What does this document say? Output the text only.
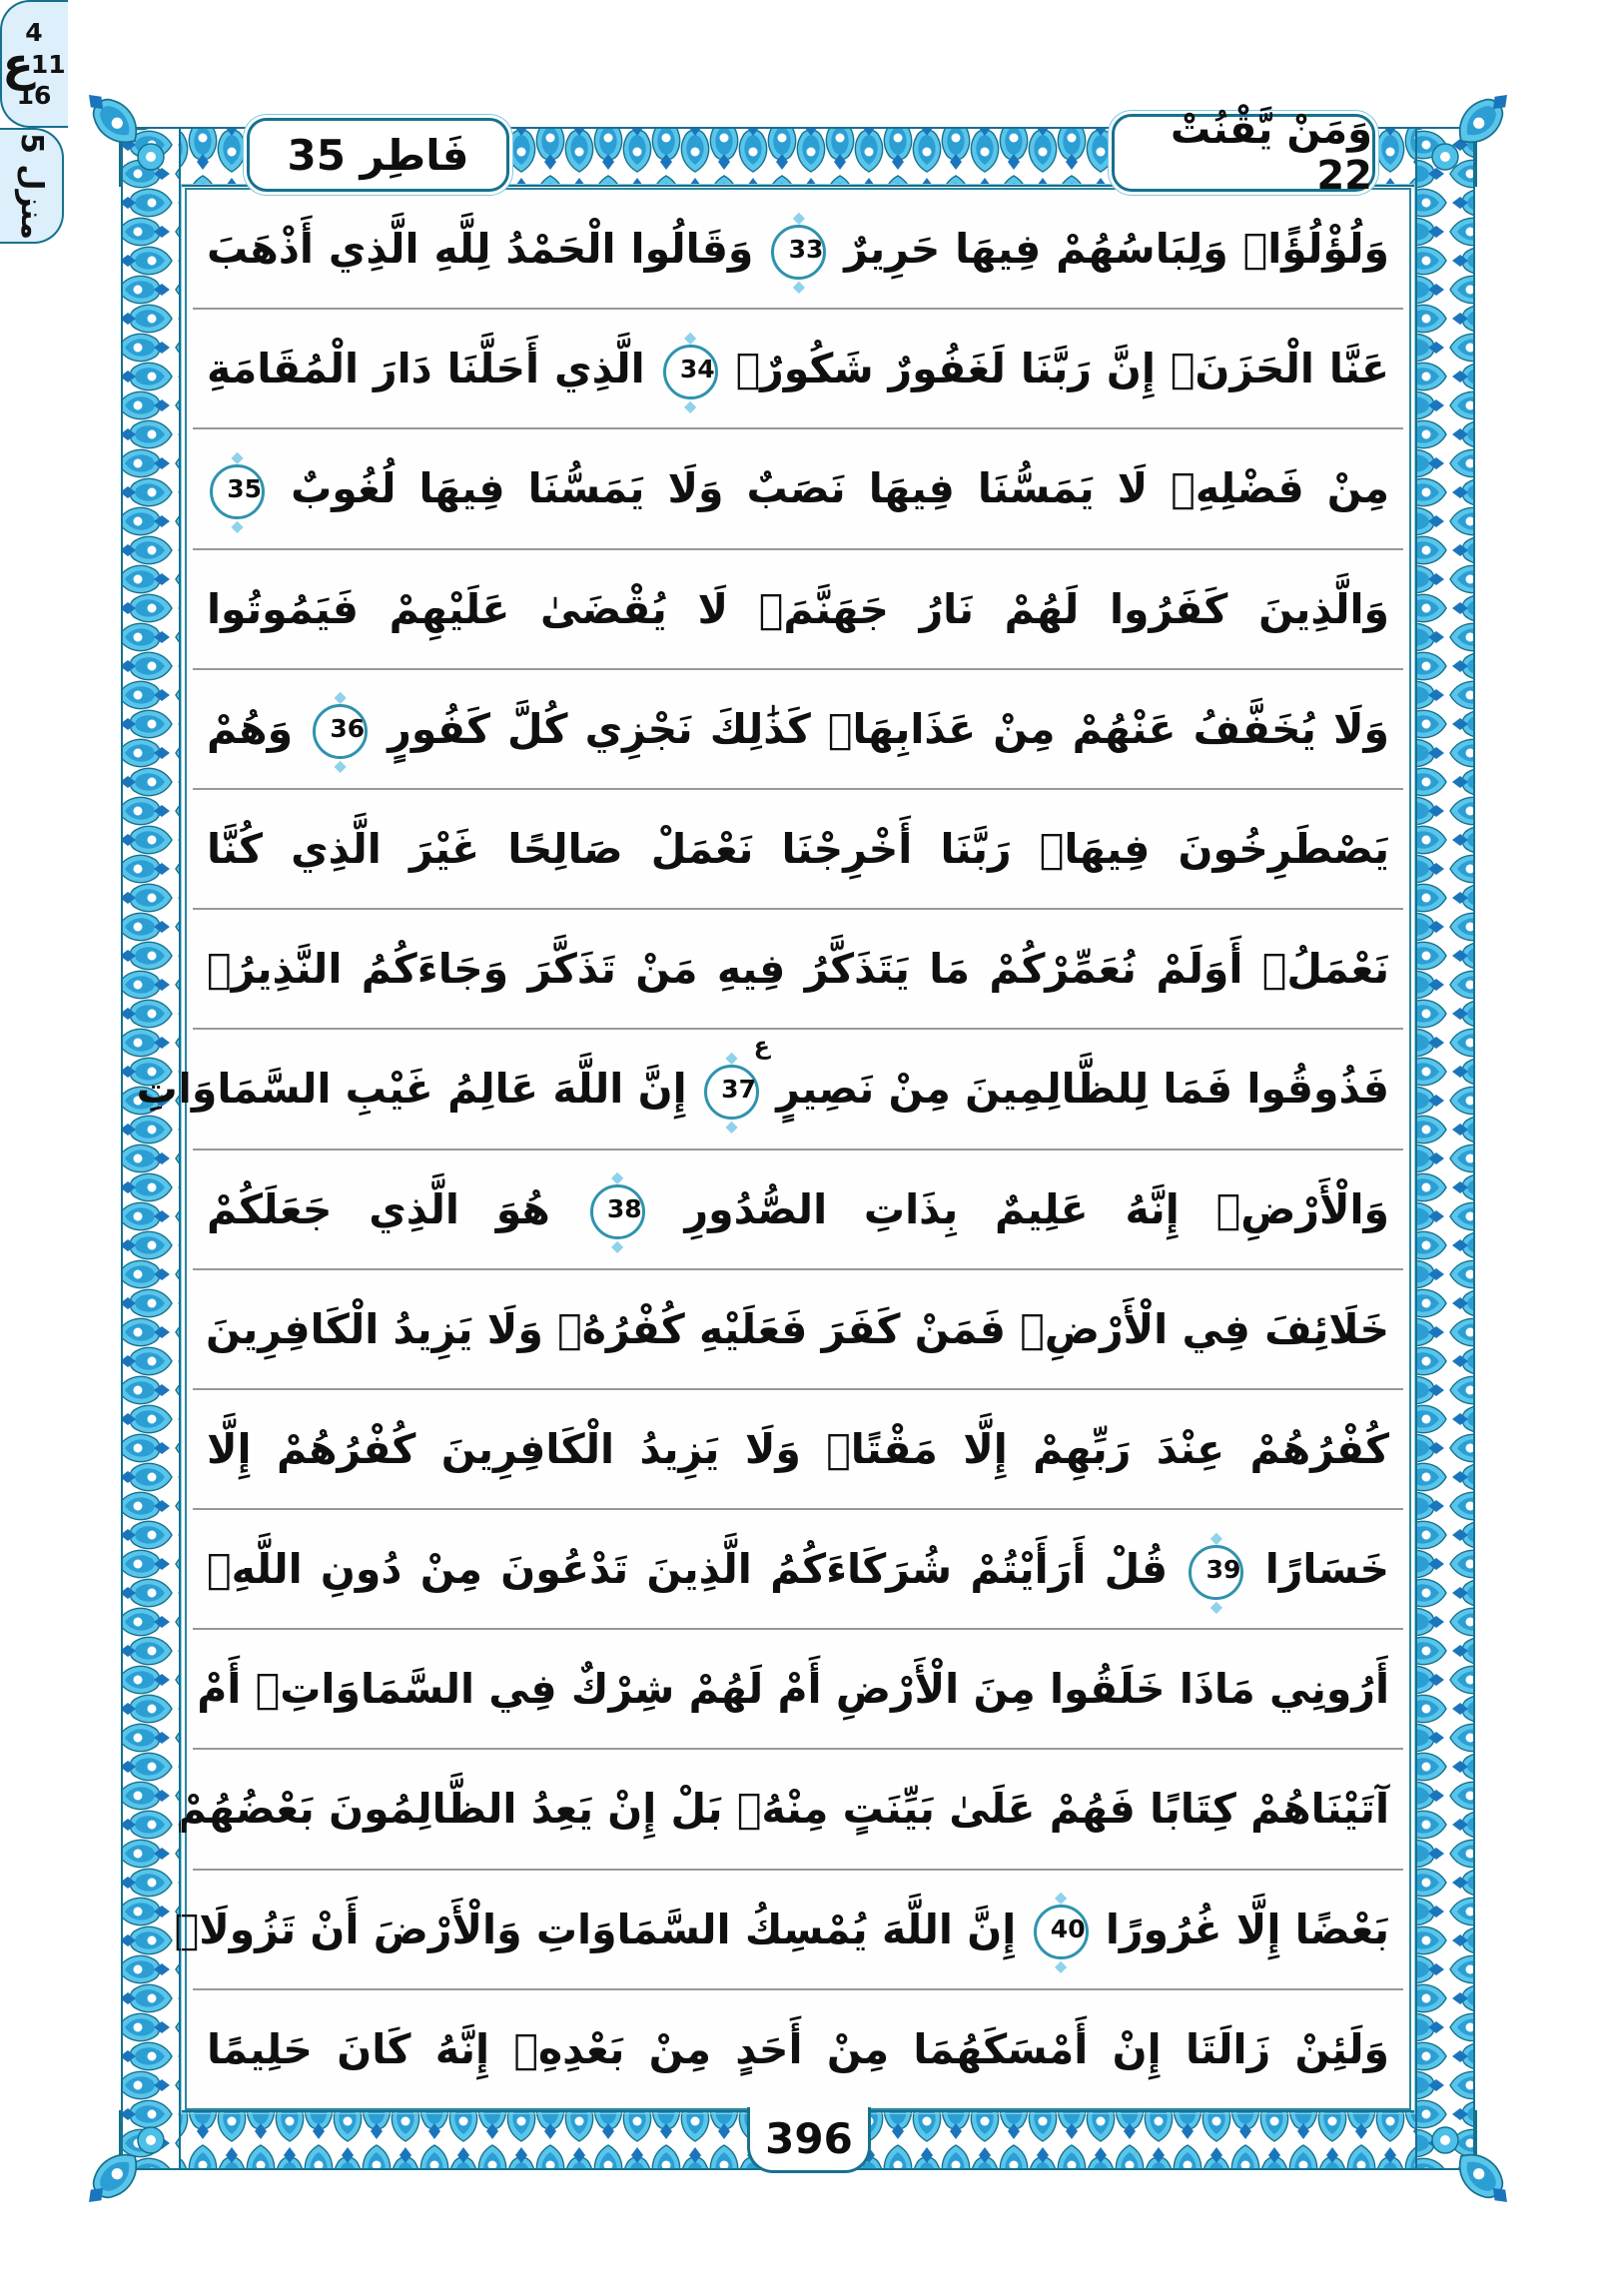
فَاطِر 35
وَمَنْ يَّقْنُتْ 22
4
ع
11
16
منزل 5
396
وَلُؤْلُؤًاۖ وَلِبَاسُهُمْ فِيهَا حَرِيرٌ ◆ 33 ◆ وَقَالُوا الْحَمْدُ لِلَّهِ الَّذِي أَذْهَبَ
عَنَّا الْحَزَنَۖ إِنَّ رَبَّنَا لَغَفُورٌ شَكُورٌۙ ◆ 34 ◆ الَّذِي أَحَلَّنَا دَارَ الْمُقَامَةِ
مِنْ فَضْلِهِۚ لَا يَمَسُّنَا فِيهَا نَصَبٌ وَلَا يَمَسُّنَا فِيهَا لُغُوبٌ ◆ 35 ◆
وَالَّذِينَ كَفَرُوا لَهُمْ نَارُ جَهَنَّمَۚ لَا يُقْضَىٰ عَلَيْهِمْ فَيَمُوتُوا
وَلَا يُخَفَّفُ عَنْهُمْ مِنْ عَذَابِهَاۚ كَذَٰلِكَ نَجْزِي كُلَّ كَفُورٍ ◆ 36 ◆ وَهُمْ
يَصْطَرِخُونَ فِيهَاۚ رَبَّنَا أَخْرِجْنَا نَعْمَلْ صَالِحًا غَيْرَ الَّذِي كُنَّا
نَعْمَلُۚ أَوَلَمْ نُعَمِّرْكُمْ مَا يَتَذَكَّرُ فِيهِ مَنْ تَذَكَّرَ وَجَاءَكُمُ النَّذِيرُۖ
فَذُوقُوا فَمَا لِلظَّالِمِينَ مِنْ نَصِيرٍ ◆ 37
ع
◆ إِنَّ اللَّهَ عَالِمُ غَيْبِ السَّمَاوَاتِ
وَالْأَرْضِۚ إِنَّهُ عَلِيمٌ بِذَاتِ الصُّدُورِ ◆ 38 ◆ هُوَ الَّذِي جَعَلَكُمْ
خَلَائِفَ فِي الْأَرْضِۚ فَمَنْ كَفَرَ فَعَلَيْهِ كُفْرُهُۖ وَلَا يَزِيدُ الْكَافِرِينَ
كُفْرُهُمْ عِنْدَ رَبِّهِمْ إِلَّا مَقْتًاۖ وَلَا يَزِيدُ الْكَافِرِينَ كُفْرُهُمْ إِلَّا
خَسَارًا ◆ 39 ◆ قُلْ أَرَأَيْتُمْ شُرَكَاءَكُمُ الَّذِينَ تَدْعُونَ مِنْ دُونِ اللَّهِۖ
أَرُونِي مَاذَا خَلَقُوا مِنَ الْأَرْضِ أَمْ لَهُمْ شِرْكٌ فِي السَّمَاوَاتِۚ أَمْ
آتَيْنَاهُمْ كِتَابًا فَهُمْ عَلَىٰ بَيِّنَتٍ مِنْهُۚ بَلْ إِنْ يَعِدُ الظَّالِمُونَ بَعْضُهُمْ
بَعْضًا إِلَّا غُرُورًا ◆ 40 ◆ إِنَّ اللَّهَ يُمْسِكُ السَّمَاوَاتِ وَالْأَرْضَ أَنْ تَزُولَاۚ
وَلَئِنْ زَالَتَا إِنْ أَمْسَكَهُمَا مِنْ أَحَدٍ مِنْ بَعْدِهِۚ إِنَّهُ كَانَ حَلِيمًا
